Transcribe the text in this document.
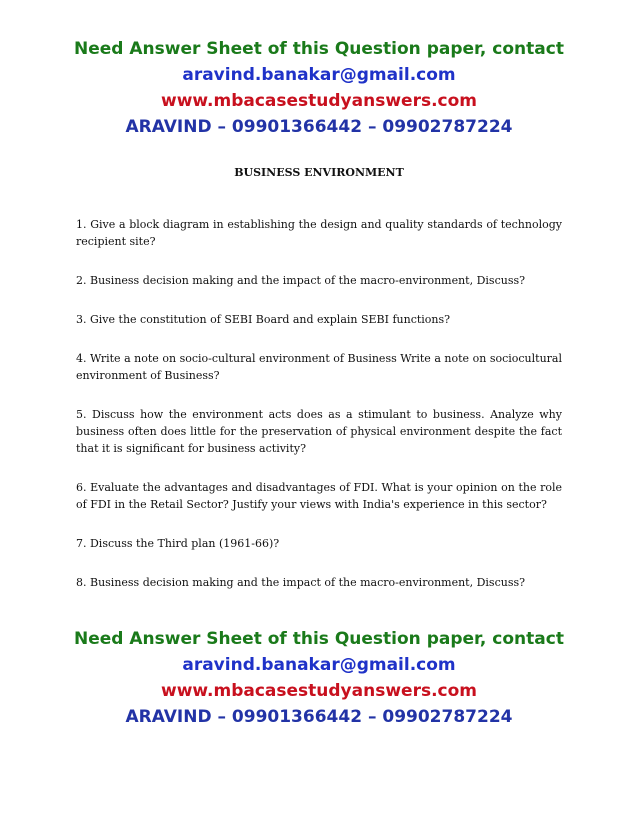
Need Answer Sheet of this Question paper, contact
aravind.banakar@gmail.com
www.mbacasestudyanswers.com
ARAVIND – 09901366442 – 09902787224
BUSINESS ENVIRONMENT
1. Give a block diagram in establishing the design and quality standards of technology recipient site?
2. Business decision making and the impact of the macro-environment, Discuss?
3. Give the constitution of SEBI Board and explain SEBI functions?
4. Write a note on socio-cultural environment of Business Write a note on sociocultural environment of Business?
5. Discuss how the environment acts does as a stimulant to business. Analyze why business often does little for the preservation of physical environment despite the fact that it is significant for business activity?
6. Evaluate the advantages and disadvantages of FDI. What is your opinion on the role of FDI in the Retail Sector? Justify your views with India's experience in this sector?
7. Discuss the Third plan (1961-66)?
8. Business decision making and the impact of the macro-environment, Discuss?
Need Answer Sheet of this Question paper, contact
aravind.banakar@gmail.com
www.mbacasestudyanswers.com
ARAVIND – 09901366442 – 09902787224
